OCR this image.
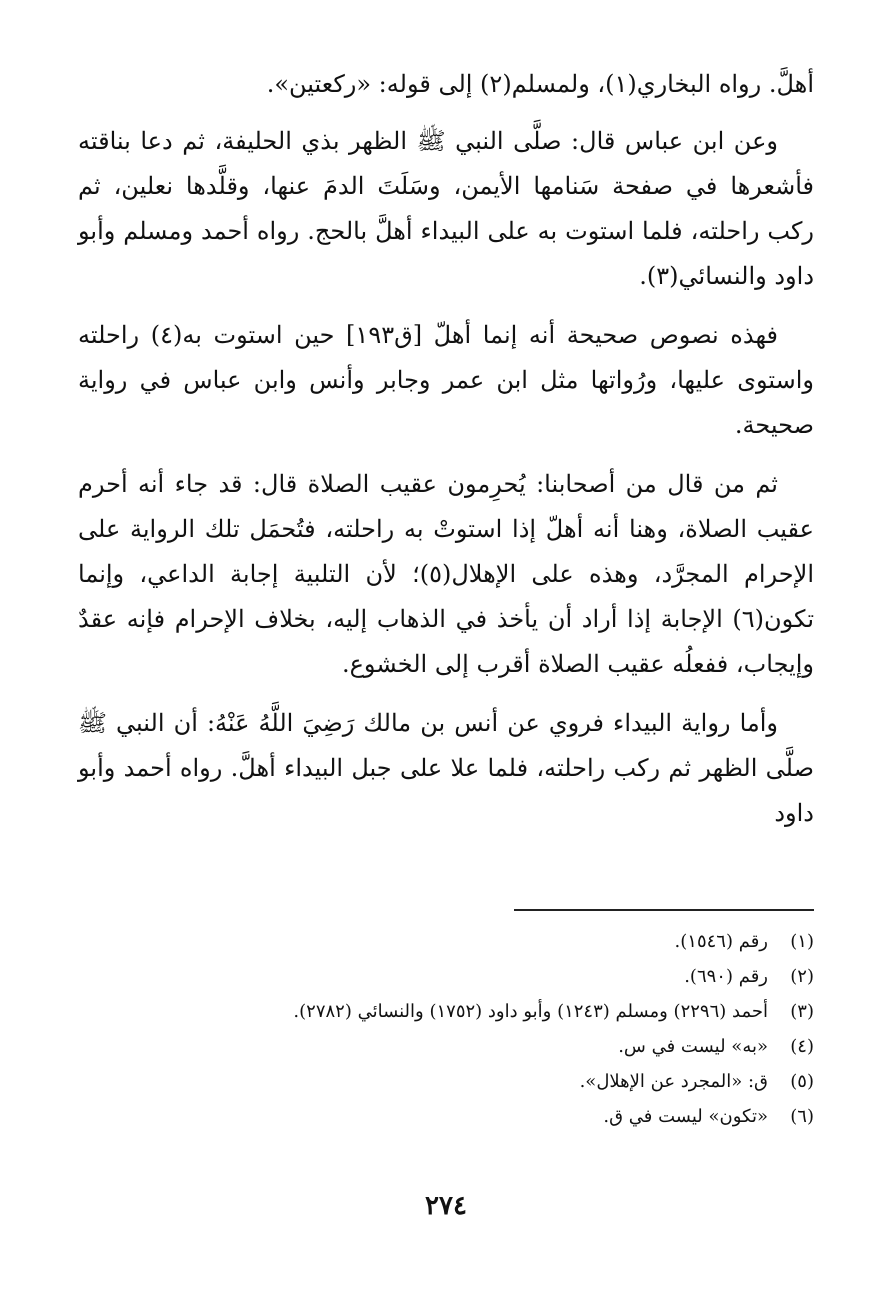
أهلَّ. رواه البخاري(١)، ولمسلم(٢) إلى قوله: «ركعتين».

وعن ابن عباس قال: صلَّى النبي ﷺ الظهر بذي الحليفة، ثم دعا بناقته فأشعرها في صفحة سَنامها الأيمن، وسَلَتَ الدمَ عنها، وقلَّدها نعلين، ثم ركب راحلته، فلما استوت به على البيداء أهلَّ بالحج. رواه أحمد ومسلم وأبو داود والنسائي(٣).

فهذه نصوص صحيحة أنه إنما أهلّ [ق١٩٣] حين استوت به(٤) راحلته واستوى عليها، ورُواتها مثل ابن عمر وجابر وأنس وابن عباس في رواية صحيحة.

ثم من قال من أصحابنا: يُحرِمون عقيب الصلاة قال: قد جاء أنه أحرم عقيب الصلاة، وهنا أنه أهلّ إذا استوتْ به راحلته، فتُحمَل تلك الرواية على الإحرام المجرَّد، وهذه على الإهلال(٥)؛ لأن التلبية إجابة الداعي، وإنما تكون(٦) الإجابة إذا أراد أن يأخذ في الذهاب إليه، بخلاف الإحرام فإنه عقدٌ وإيجاب، ففعلُه عقيب الصلاة أقرب إلى الخشوع.

وأما رواية البيداء فروي عن أنس بن مالك رَضِيَ اللَّهُ عَنْهُ: أن النبي ﷺ صلَّى الظهر ثم ركب راحلته، فلما علا على جبل البيداء أهلَّ. رواه أحمد وأبو داود

(١)رقم (١٥٤٦).
(٢)رقم (٦٩٠).
(٣)أحمد (٢٢٩٦) ومسلم (١٢٤٣) وأبو داود (١٧٥٢) والنسائي (٢٧٨٢).
(٤)«به» ليست في س.
(٥)ق: «المجرد عن الإهلال».
(٦)«تكون» ليست في ق.
٢٧٤
